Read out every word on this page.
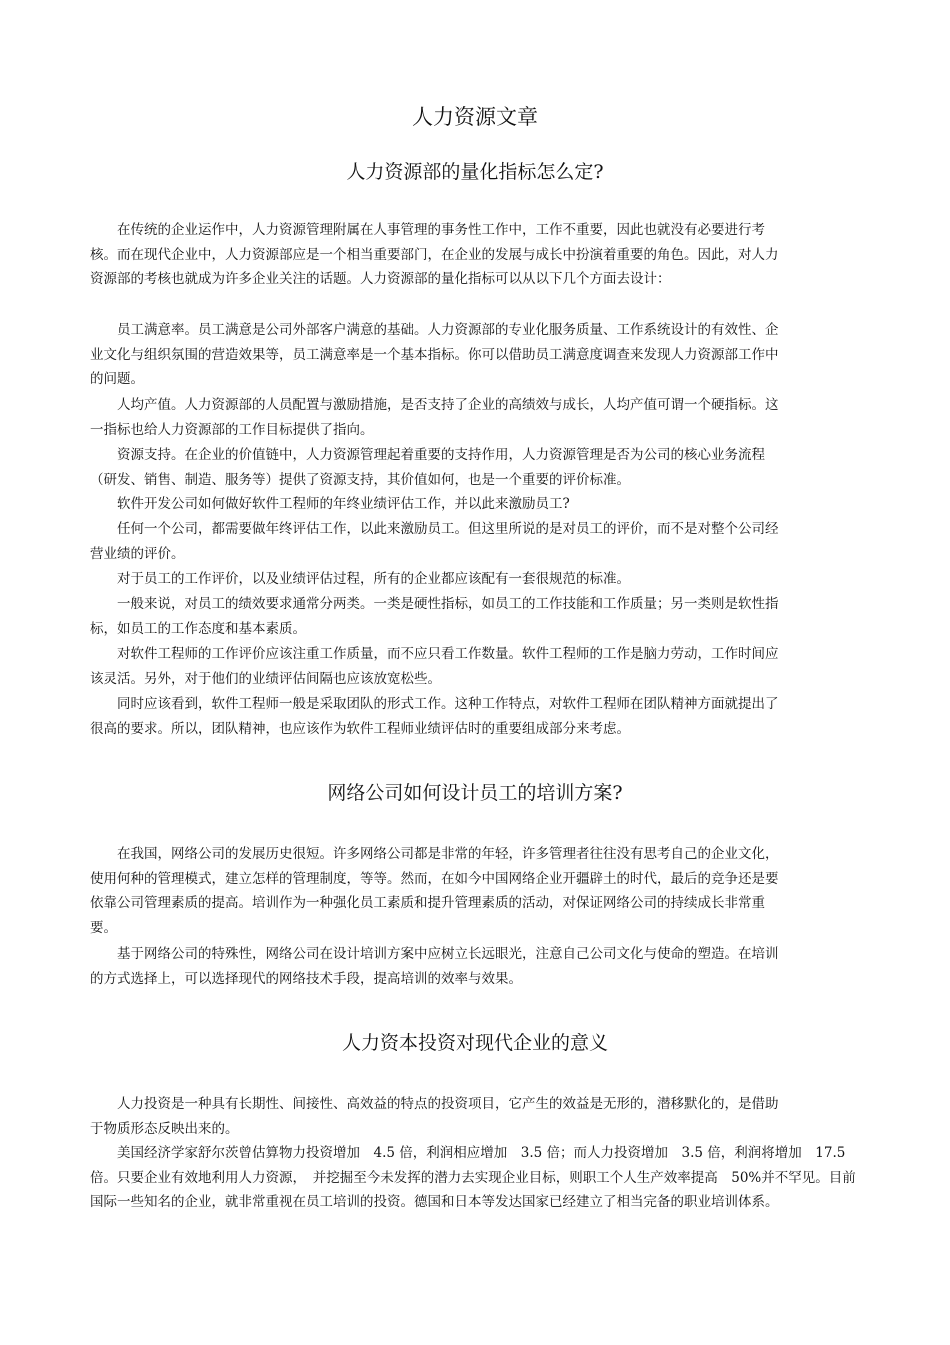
人力资源文章
人力资源部的量化指标怎么定?
在传统的企业运作中，人力资源管理附属在人事管理的事务性工作中，工作不重要，因此也就没有必要进行考核。而在现代企业中，人力资源部应是一个相当重要部门，在企业的发展与成长中扮演着重要的角色。因此，对人力资源部的考核也就成为许多企业关注的话题。人力资源部的量化指标可以从以下几个方面去设计：
员工满意率。员工满意是公司外部客户满意的基础。人力资源部的专业化服务质量、工作系统设计的有效性、企业文化与组织氛围的营造效果等，员工满意率是一个基本指标。你可以借助员工满意度调查来发现人力资源部工作中的问题。
人均产值。人力资源部的人员配置与激励措施，是否支持了企业的高绩效与成长，人均产值可谓一个硬指标。这一指标也给人力资源部的工作目标提供了指向。
资源支持。在企业的价值链中，人力资源管理起着重要的支持作用，人力资源管理是否为公司的核心业务流程（研发、销售、制造、服务等）提供了资源支持，其价值如何，也是一个重要的评价标准。
软件开发公司如何做好软件工程师的年终业绩评估工作，并以此来激励员工?
任何一个公司，都需要做年终评估工作，以此来激励员工。但这里所说的是对员工的评价，而不是对整个公司经营业绩的评价。
对于员工的工作评价，以及业绩评估过程，所有的企业都应该配有一套很规范的标准。
一般来说，对员工的绩效要求通常分两类。一类是硬性指标，如员工的工作技能和工作质量；另一类则是软性指标，如员工的工作态度和基本素质。
对软件工程师的工作评价应该注重工作质量，而不应只看工作数量。软件工程师的工作是脑力劳动，工作时间应该灵活。另外，对于他们的业绩评估间隔也应该放宽松些。
同时应该看到，软件工程师一般是采取团队的形式工作。这种工作特点，对软件工程师在团队精神方面就提出了很高的要求。所以，团队精神，也应该作为软件工程师业绩评估时的重要组成部分来考虑。
网络公司如何设计员工的培训方案?
在我国，网络公司的发展历史很短。许多网络公司都是非常的年轻，许多管理者往往没有思考自己的企业文化，使用何种的管理模式，建立怎样的管理制度，等等。然而，在如今中国网络企业开疆辟土的时代，最后的竞争还是要依靠公司管理素质的提高。培训作为一种强化员工素质和提升管理素质的活动，对保证网络公司的持续成长非常重要。
基于网络公司的特殊性，网络公司在设计培训方案中应树立长远眼光，注意自己公司文化与使命的塑造。在培训的方式选择上，可以选择现代的网络技术手段，提高培训的效率与效果。
人力资本投资对现代企业的意义
人力投资是一种具有长期性、间接性、高效益的特点的投资项目，它产生的效益是无形的，潜移默化的，是借助于物质形态反映出来的。
美国经济学家舒尔茨曾估算物力投资增加　4.5 倍，利润相应增加　3.5 倍；而人力投资增加　3.5 倍，利润将增加　17.5 倍。只要企业有效地利用人力资源，　并挖掘至今未发挥的潜力去实现企业目标，则职工个人生产效率提高　50%并不罕见。目前国际一些知名的企业，就非常重视在员工培训的投资。德国和日本等发达国家已经建立了相当完备的职业培训体系。
